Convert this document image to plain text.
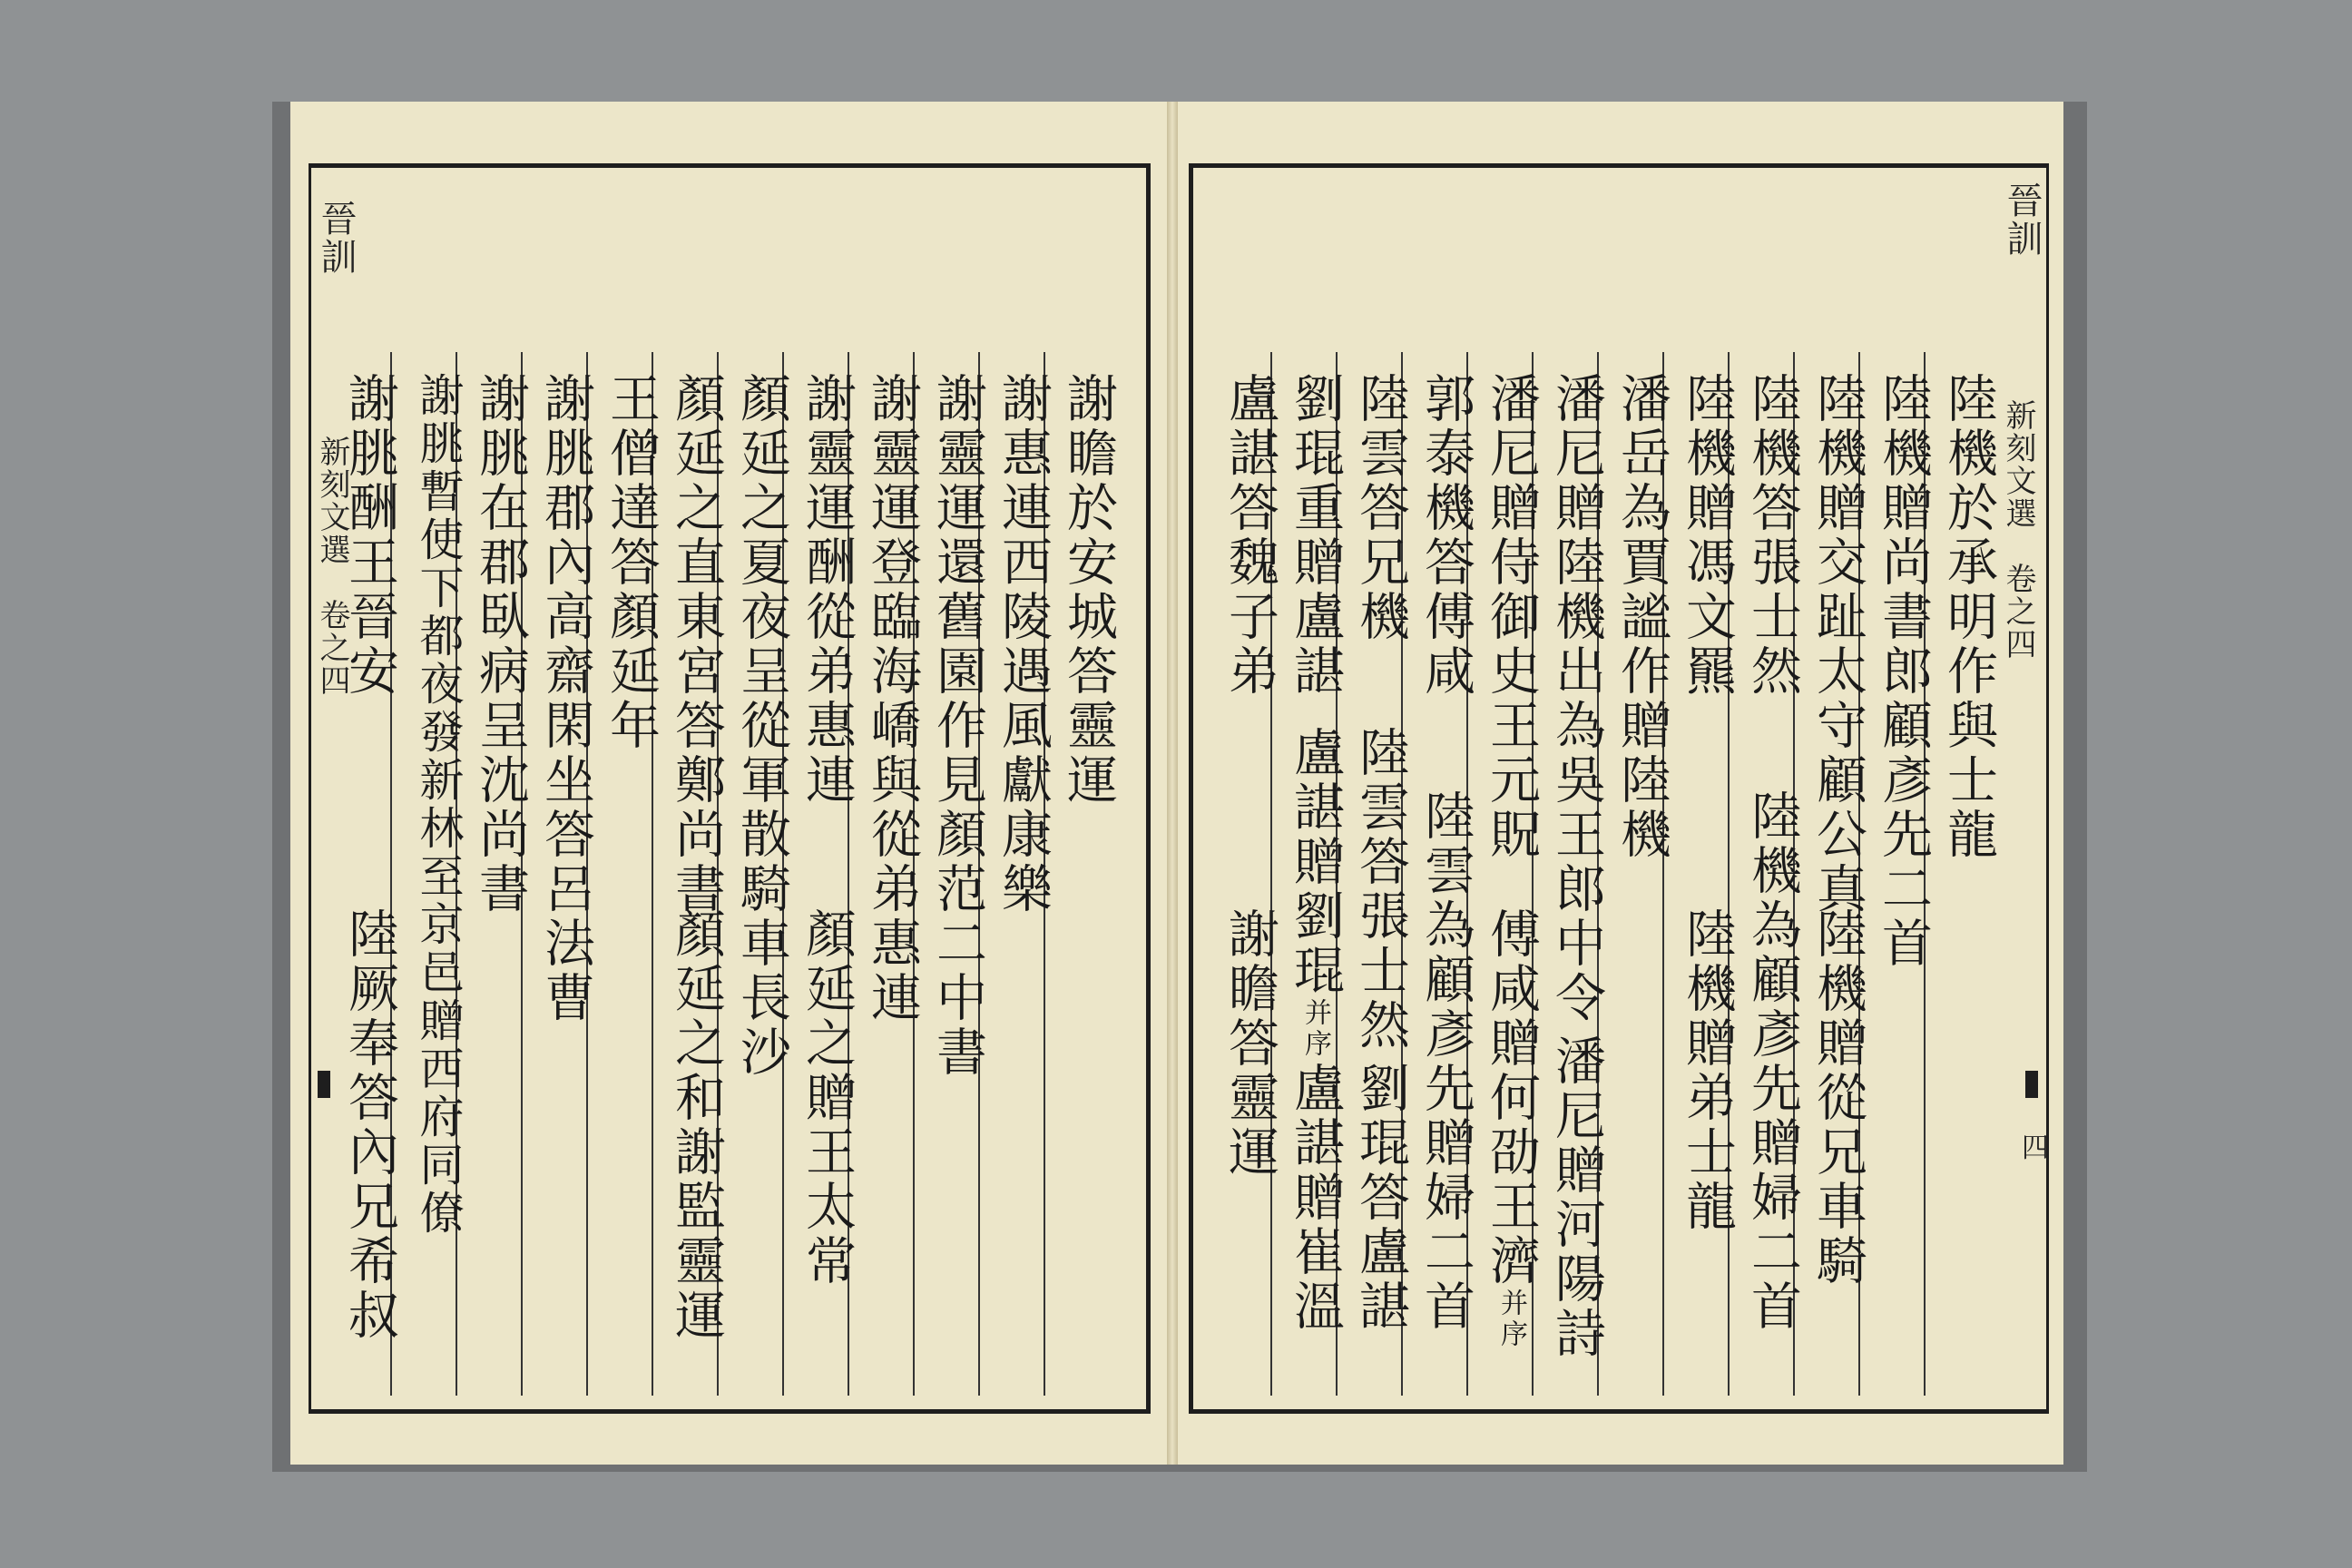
晉訓
新刻文選
卷之四
晉訓
新刻文選
卷之四
四
謝瞻於安城答靈運
謝惠連西陵遇風獻康樂
謝靈運還舊園作見顏范二中書
謝靈運登臨海嶠與從弟惠連
謝靈運酬從弟惠連
顏延之贈王太常
顏延之夏夜呈從軍散騎車長沙
顏延之直東宮答鄭尚書
顏延之和謝監靈運
王僧達答顏延年
謝朓郡內高齋閑坐答呂法曹
謝朓在郡臥病呈沈尚書
謝朓暫使下都夜發新林至京邑贈西府同僚
謝朓酬王晉安
陸厥奉答內兄希叔
陸機於承明作與士龍
陸機贈尚書郎顧彥先二首
陸機贈交趾太守顧公真
陸機贈從兄車騎
陸機答張士然
陸機為顧彥先贈婦二首
陸機贈馮文羆
陸機贈弟士龍
潘岳為賈謐作贈陸機
潘尼贈陸機出為吳王郎中令
潘尼贈河陽詩
潘尼贈侍御史王元貺
傅咸贈何劭王濟并序
郭泰機答傅咸
陸雲為顧彥先贈婦二首
陸雲答兄機
陸雲答張士然
劉琨答盧諶
劉琨重贈盧諶
盧諶贈劉琨并序
盧諶贈崔溫
盧諶答魏子弟
謝瞻答靈運
